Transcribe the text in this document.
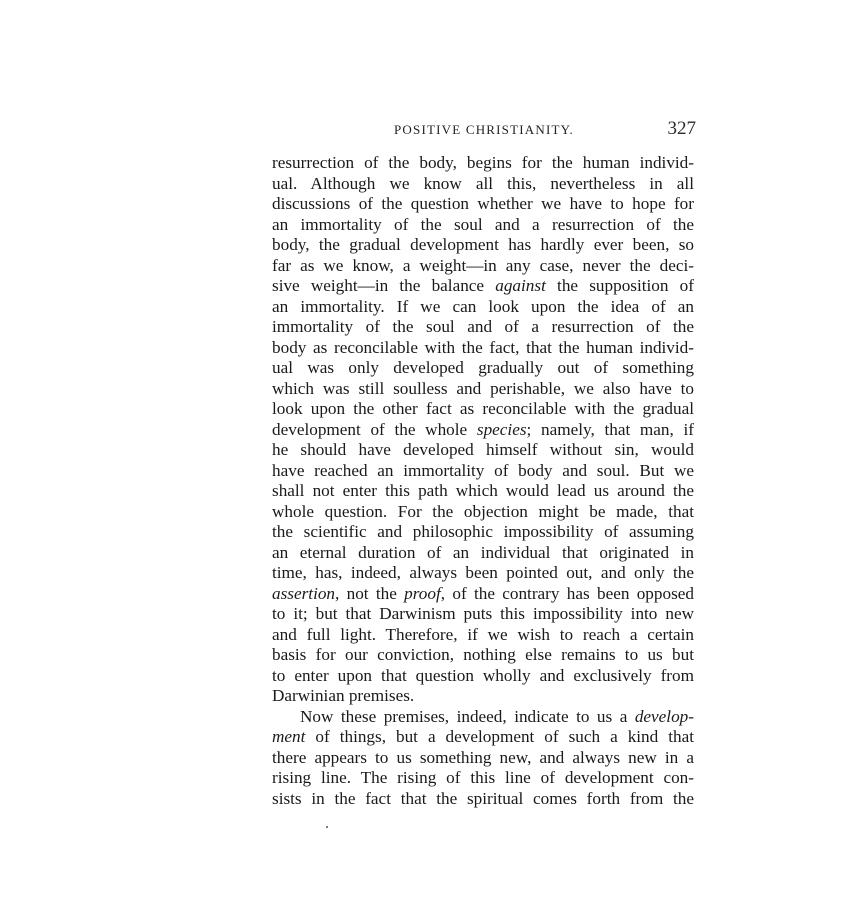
POSITIVE CHRISTIANITY.	327
resurrection of the body, begins for the human individ-
ual. Although we know all this, nevertheless in all
discussions of the question whether we have to hope for
an immortality of the soul and a resurrection of the
body, the gradual development has hardly ever been, so
far as we know, a weight—in any case, never the deci-
sive weight—in the balance against the supposition of
an immortality. If we can look upon the idea of an
immortality of the soul and of a resurrection of the
body as reconcilable with the fact, that the human individ-
ual was only developed gradually out of something
which was still soulless and perishable, we also have to
look upon the other fact as reconcilable with the gradual
development of the whole species; namely, that man, if
he should have developed himself without sin, would
have reached an immortality of body and soul. But we
shall not enter this path which would lead us around the
whole question. For the objection might be made, that
the scientific and philosophic impossibility of assuming
an eternal duration of an individual that originated in
time, has, indeed, always been pointed out, and only the
assertion, not the proof, of the contrary has been opposed
to it; but that Darwinism puts this impossibility into new
and full light. Therefore, if we wish to reach a certain
basis for our conviction, nothing else remains to us but
to enter upon that question wholly and exclusively from
Darwinian premises.
Now these premises, indeed, indicate to us a develop-
ment of things, but a development of such a kind that
there appears to us something new, and always new in a
rising line. The rising of this line of development con-
sists in the fact that the spiritual comes forth from the
